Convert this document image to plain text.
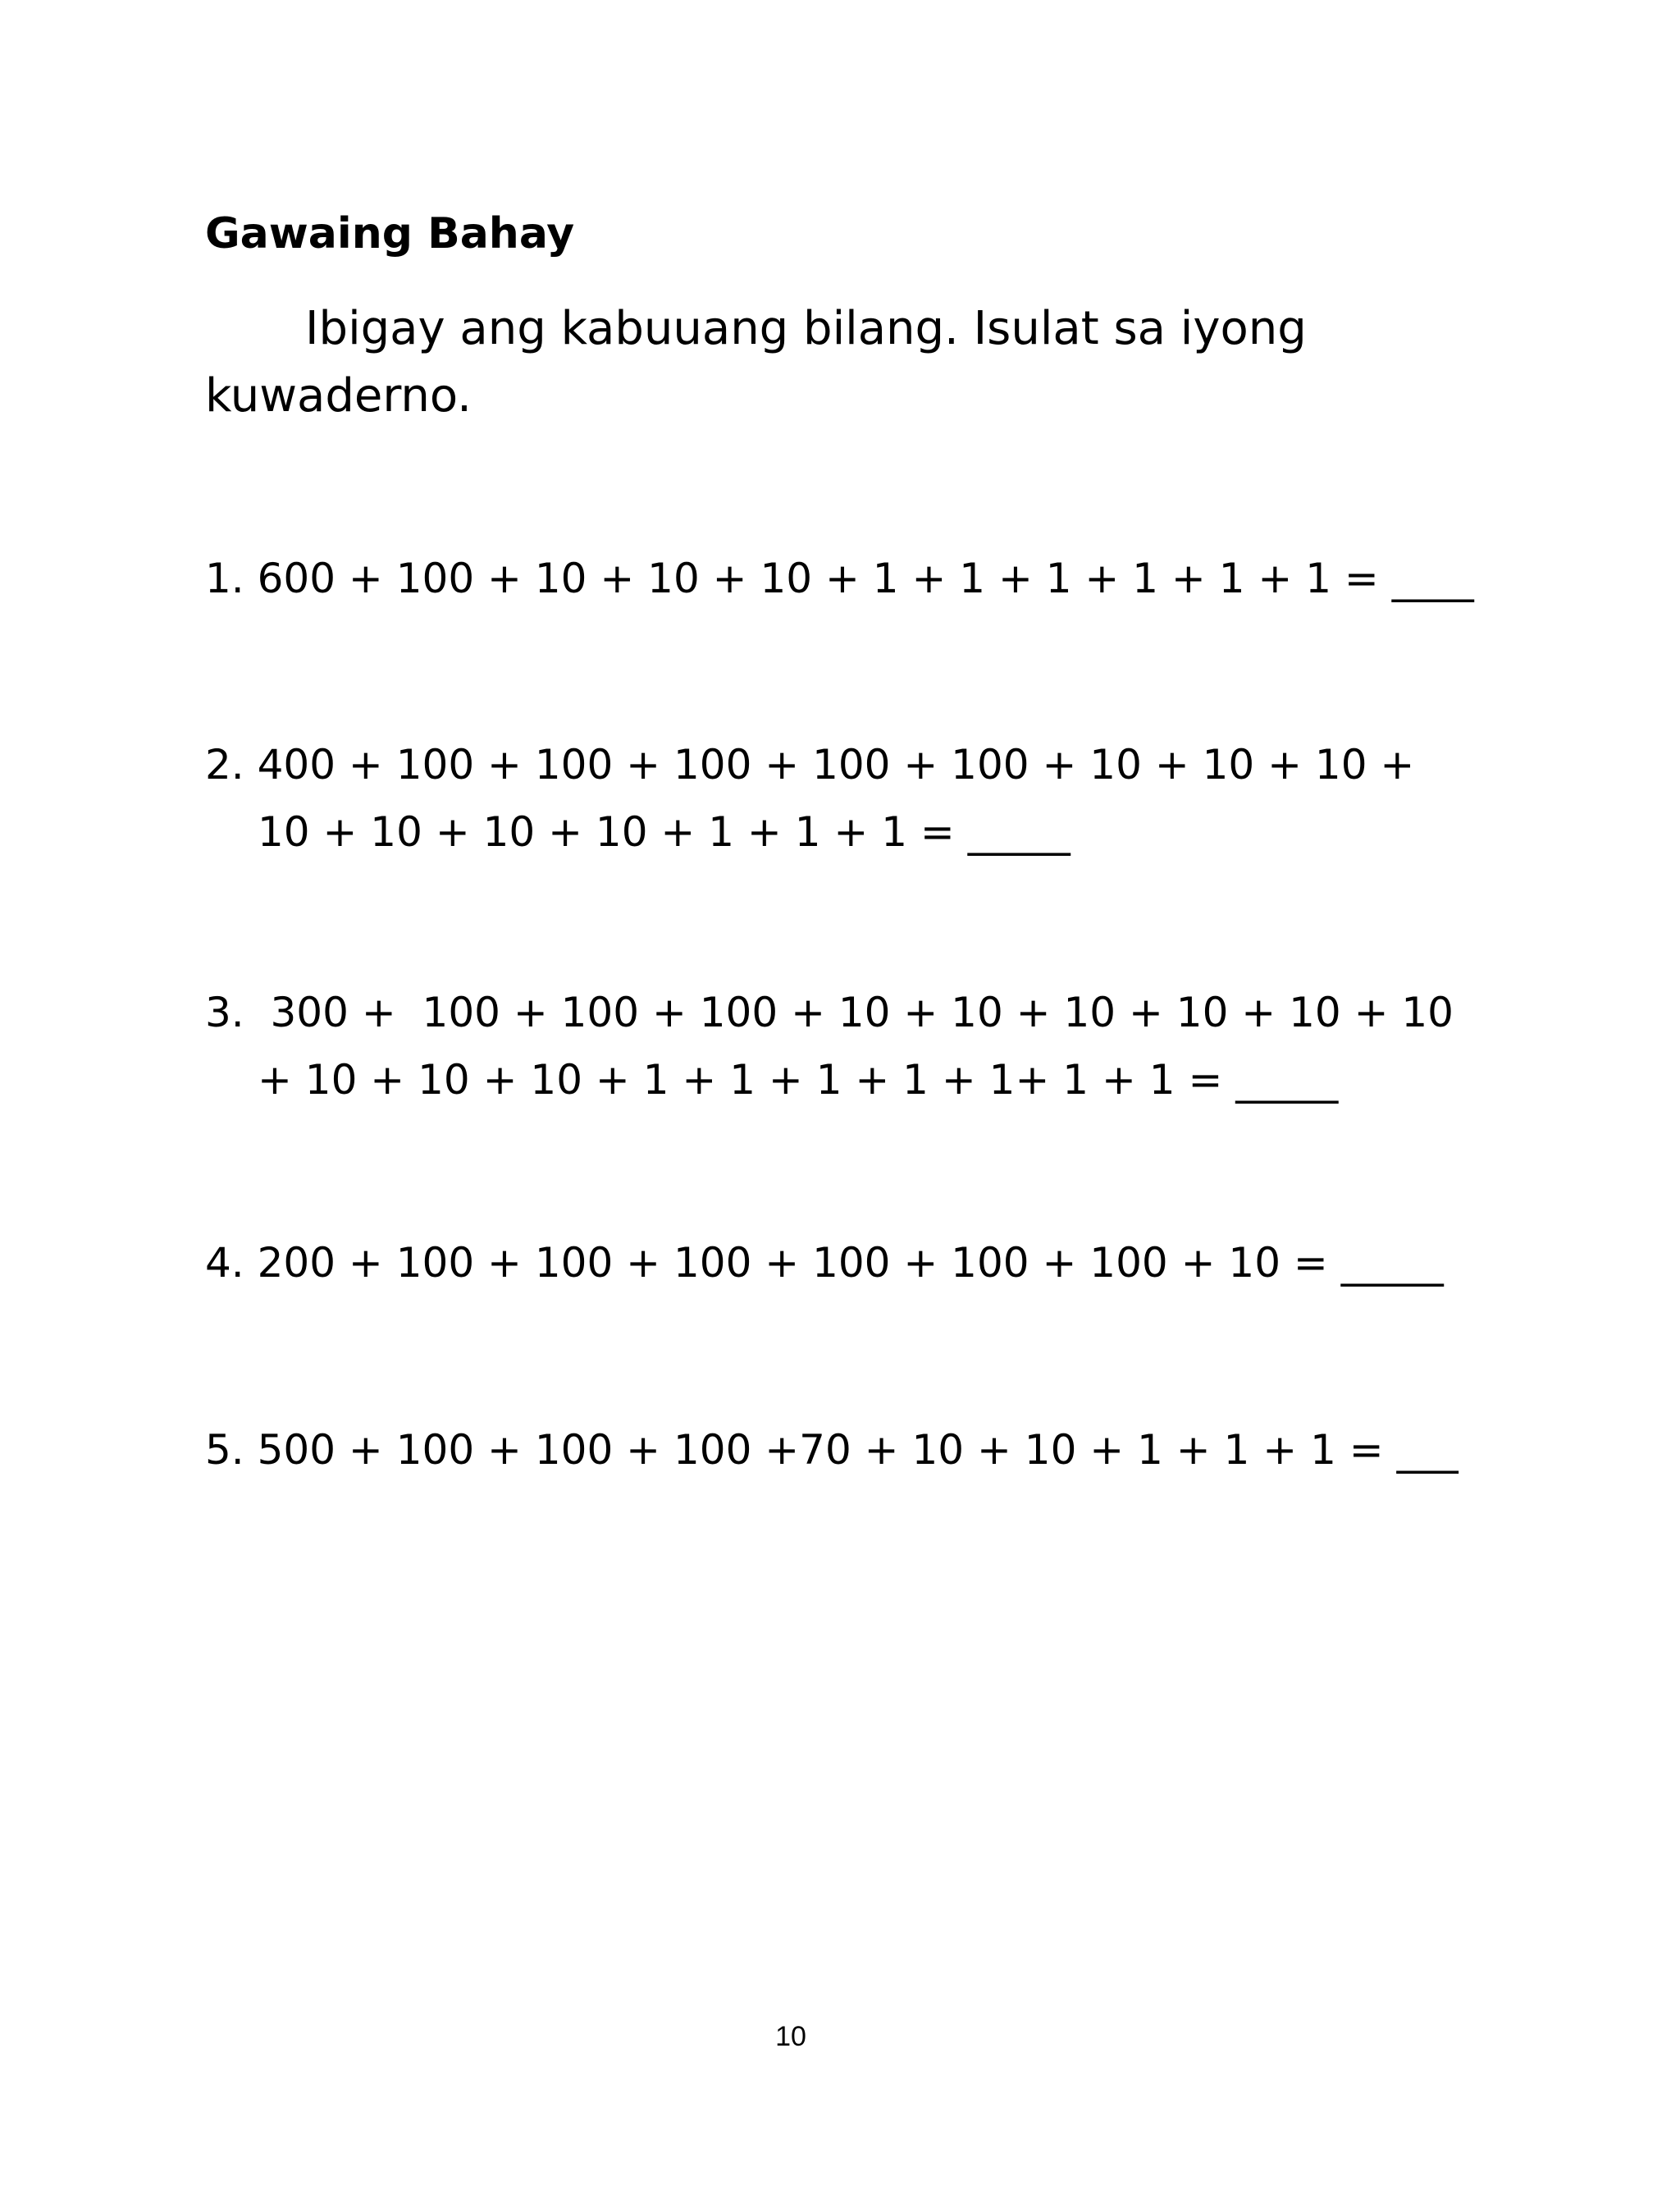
Gawaing Bahay
Ibigay ang kabuuang bilang. Isulat sa iyong kuwaderno.
1. 600 + 100 + 10 + 10 + 10 + 1 + 1 + 1 + 1 + 1 + 1 = ____
2. 400 + 100 + 100 + 100 + 100 + 100 + 10 + 10 + 10 +
10 + 10 + 10 + 10 + 1 + 1 + 1 = _____
3.  300 +  100 + 100 + 100 + 10 + 10 + 10 + 10 + 10 + 10
+ 10 + 10 + 10 + 1 + 1 + 1 + 1 + 1+ 1 + 1 = _____
4. 200 + 100 + 100 + 100 + 100 + 100 + 100 + 10 = _____
5. 500 + 100 + 100 + 100 +70 + 10 + 10 + 1 + 1 + 1 = ___
10
